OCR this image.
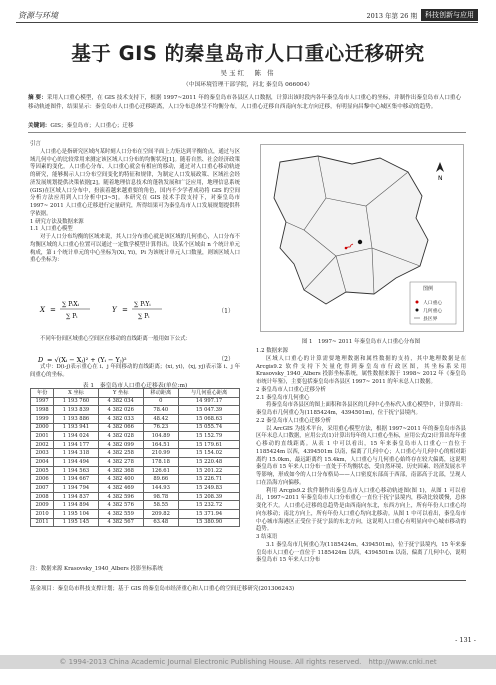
资源与环境	2013 年第 26 期	科技创新与应用
基于 GIS 的秦皇岛市人口重心迁移研究
吴玉红　陈 伟
（中国环境管理干部学院，河北 秦皇岛 066004）
摘 要：采用人口重心模型，在 GIS 技术支持下，根据 1997~2011 年的秦皇岛市各县区人口数据，计算出该时段内各年秦皇岛市人口重心的坐标，并制作出秦皇岛市人口重心移动轨迹图件，结果显示：秦皇岛市人口重心迁移距离，人口分布总体呈不均衡分布，人口重心迁移自西南向东北方向迁移，有明显向昌黎中心城区集中移动的趋势。
关键词：GIS；秦皇岛市；人口重心；迁移

引言

人口重心是指研究区域内某时刻人口分布在空间平面上力矩达到平衡的点，通过与区域几何中心的比较常用来测定该区域人口分布的均衡状况[1]。随着自然、社会经济政策等因素的变化，人口重心分布、人口重心就会有相应的移动，通过对人口重心移动轨迹的研究，能够揭示人口分布空间变化的特征和规律，为制定人口发展政策、区域社会经济发展规划提供决策依据[2]。随着地理信息技术的蓬勃发展和广泛应用，地理信息系统(GIS)在区域人口分布中，扮演着越来越重要的角色，国内不少学者成功将 GIS 的空间分析方法应用到人口分析中[3~5]。本研究在 GIS 技术手段支持下，对秦皇岛市 1997~ 2011 人口重心迁移进行定量研究，所得结果可为秦皇岛市人口发展规划提供科学依据。

1 研究方法及数据来源

1.1 人口重心模型

对于人口分布均衡的区域来说，其人口分布重心就是该区域的几何重心，人口分布不均衡区域的人口重心位置可以通过一定数学模型计算得出。设某个区域由 n 个统计单元构成，第 i 个统计单元的中心坐标为(Xi, Yi)，Pi 为该统计单元人口数量，则该区域人口重心坐标为：

X =
∑ PᵢXᵢ
∑ Pᵢ
Y =
∑ PᵢYᵢ
∑ Pᵢ
（1）

不同年份间区域重心空间区位移动的直线距离一般用如下公式：

D = √(Xᵢ − Xⱼ)² + (Yᵢ − Yⱼ)²	（2）

式中：D(i-j)表示重心在 i、j 年间移动的直线距离；(xi, yi)，(xj, yj)表示第 i、j 年间重心的坐标。

表 1　秦皇岛市人口重心迁移表(单位:m)
年份	X 坐标	Y 坐标	移动距离	与几何重心距离
1997	1 193 760	4 382 034	0	14 997.17
1998	1 193 839	4 382 026	78.40	15 047.39
1999	1 193 886	4 382 033	48.42	15 068.63
2000	1 193 941	4 382 066	76.23	15 055.74
2001	1 194 024	4 382 028	104.89	15 152.79
2002	1 194 177	4 382 099	164.51	15 179.61
2003	1 194 318	4 382 258	210.99	15 154.02
2004	1 194 494	4 382 278	178.18	15 220.48
2005	1 194 563	4 382 368	126.61	15 201.22
2006	1 194 667	4 382 400	89.66	15 226.71
2007	1 194 794	4 382 469	144.93	15 249.83
2008	1 194 837	4 382 596	98.78	15 208.39
2009	1 194 894	4 382 576	58.55	15 232.72
2010	1 195 104	4 382 559	209.82	15 371.94
2011	1 195 145	4 382 567	63.48	15 380.90
注：数据来源 Krasovsky_1940_Albers 投影坐标系统
N
图例
人口重心
几何重心
县区界
图 1　1997~ 2011 年秦皇岛市人口重心分布图

1.2 数据来源

区域人口重心的计算需要地理数据和属性数据的支持，其中地理数据是在 Arcgis9.2 软件支持下矢量化得到秦皇岛市行政区图，其坐标系采用 Krasovsky_1940_Albers 投影坐标系统，属性数据来源于 1998~ 2012 年《秦皇岛市统计年鉴》，主要包括秦皇岛市各县区 1997~ 2011 的年末总人口数据。

2 秦皇岛市人口重心迁移分析

2.1 秦皇岛市几何重心

将秦皇岛市各县区的图上面积和各县区的几何中心坐标代入重心模型中，计算得出：秦皇岛市几何重心为(1185424m，4394501m)，位于抚宁县境内。

2.2 秦皇岛市人口重心迁移分析

以 ArcGIS 为技术平台，采用重心模型方法，根据 1997~2011 年的秦皇岛市各县区年末总人口数据，应用公式(1)计算出每年的人口重心坐标，应用公式(2)计算出每年重心移动的直线距离。从表 1 中可以看出，15 年来秦皇岛市人口重心一直位于 1185424m 以西，4394501m 以南，偏离了几何中心；人口重心与几何中心的相对距离约 15.0km，最远距离约 15.4km，人口重心与几何重心始终存在较大偏离，这说明秦皇岛市 15 年来人口分布一直处于不均衡状态，受自然环境、历史因素、经济发展水平等影响，形成如今的人口分布格局——人口密度东部高于西部，南部高于北部，呈现人口在沿海方向偏移。

利用 Arcgis9.2 软件制作出秦皇岛市人口重心移动轨迹图(图 1)，从图 1 可以看出，1997~2011 年秦皇岛市人口分布重心一直位于抚宁县境内，移动比较缓慢，总体变化不大。人口重心迁移的总趋势是由西南向东北，东西方向上，所有年份人口重心均向东移动；南北方向上，所有年份人口重心均向北移动。从图 1 中可以看出，秦皇岛市中心城市海港区正受位于抚宁县的东北方向，这说明人口重心有明显向中心城市移动的趋势。

3 结束语

3.1 秦皇岛市几何重心为(1185424m，4394501m)，位于抚宁县境内，15 年来秦皇岛市人口重心一直位于 1185424m 以西，4394501m 以南，偏离了几何中心，说明秦皇岛市 15 年来人口分布

基金项目：秦皇岛市科技支撑计划；基于 GIS 的秦皇岛市经济重心和人口重心的空间迁移研究(201306243)
- 131 -
© 1994-2013 China Academic Journal Electronic Publishing House. All rights reserved.　http://www.cnki.net
